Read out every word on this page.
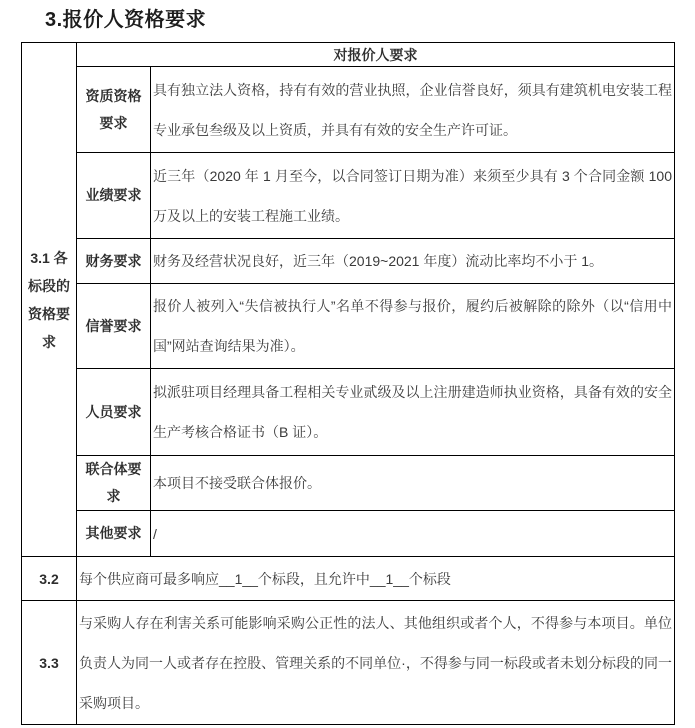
3.报价人资格要求
3.1 各标段的资格要求	对报价人要求	
	资质资格要求	具有独立法人资格，持有有效的营业执照，企业信誉良好，须具有建筑机电安装工程专业承包叁级及以上资质，并具有有效的安全生产许可证。
	业绩要求	近三年（2020 年 1 月至今，以合同签订日期为准）来须至少具有 3 个合同金额 100 万及以上的安装工程施工业绩。
	财务要求	财务及经营状况良好，近三年（2019~2021 年度）流动比率均不小于 1。
	信誉要求	报价人被列入“失信被执行人”名单不得参与报价，履约后被解除的除外（以“信用中国”网站查询结果为准）。
	人员要求	拟派驻项目经理具备工程相关专业贰级及以上注册建造师执业资格，具备有效的安全生产考核合格证书（B 证）。
	联合体要求	本项目不接受联合体报价。
	其他要求	/
3.2	每个供应商可最多响应__1__个标段，且允许中__1__个标段	
3.3	与采购人存在利害关系可能影响采购公正性的法人、其他组织或者个人，不得参与本项目。单位负责人为同一人或者存在控股、管理关系的不同单位·，不得参与同一标段或者未划分标段的同一采购项目。	
